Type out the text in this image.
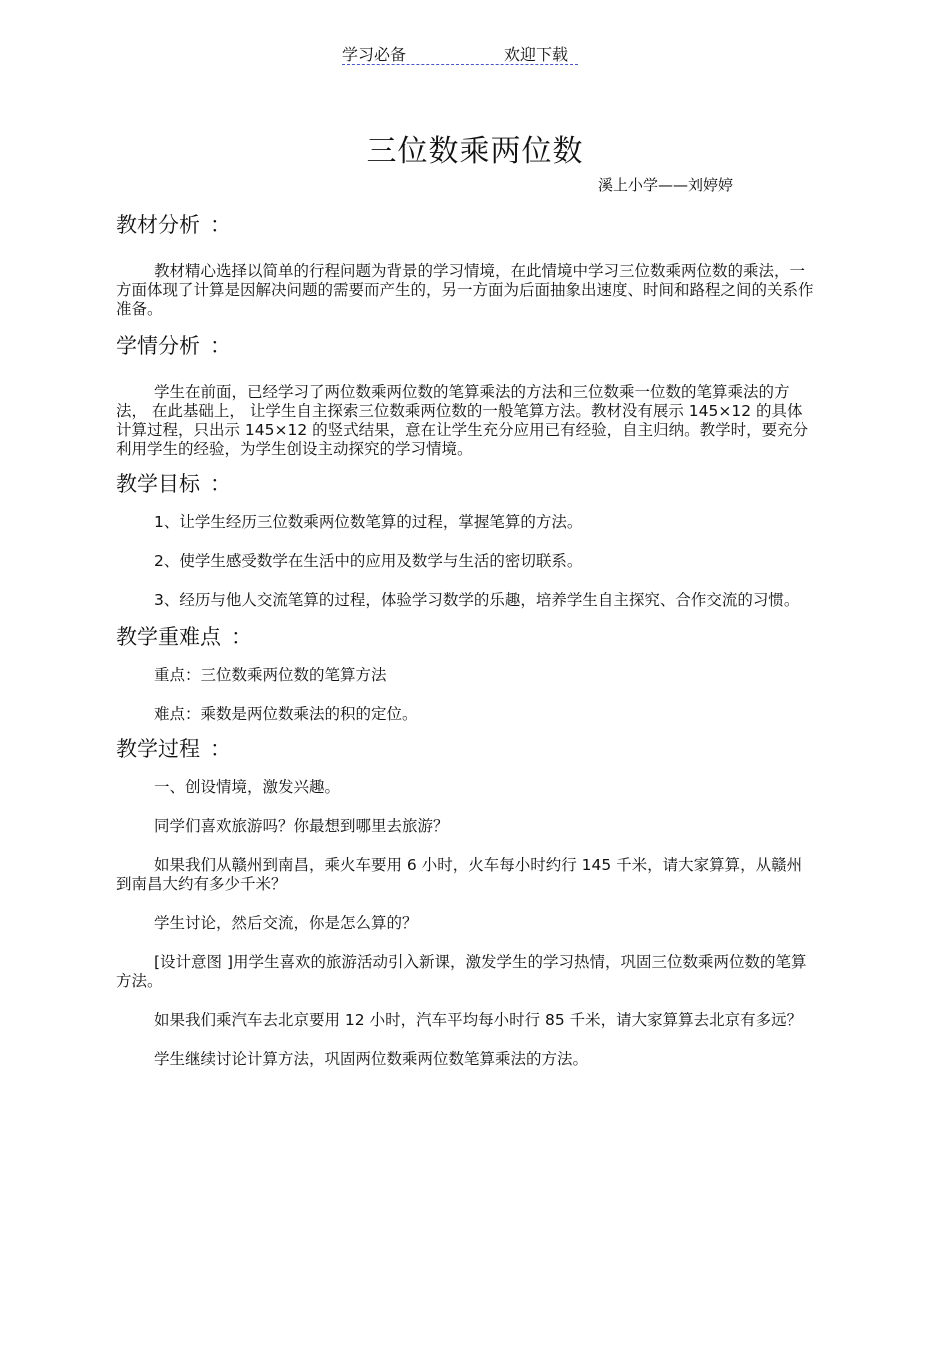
学习必备	欢迎下载
三位数乘两位数
溪上小学——刘婷婷
教材分析 ：

教材精心选择以简单的行程问题为背景的学习情境，在此情境中学习三位数乘两位数的乘法，一方面体现了计算是因解决问题的需要而产生的，另一方面为后面抽象出速度、时间和路程之间的关系作准备。

学情分析 ：

学生在前面，已经学习了两位数乘两位数的笔算乘法的方法和三位数乘一位数的笔算乘法的方法， 在此基础上， 让学生自主探索三位数乘两位数的一般笔算方法。教材没有展示 145×12 的具体计算过程，只出示 145×12 的竖式结果，意在让学生充分应用已有经验，自主归纳。教学时，要充分利用学生的经验，为学生创设主动探究的学习情境。

教学目标 ：

1、让学生经历三位数乘两位数笔算的过程，掌握笔算的方法。

2、使学生感受数学在生活中的应用及数学与生活的密切联系。

3、经历与他人交流笔算的过程，体验学习数学的乐趣，培养学生自主探究、合作交流的习惯。

教学重难点 ：

重点：三位数乘两位数的笔算方法

难点：乘数是两位数乘法的积的定位。

教学过程 ：

一、创设情境，激发兴趣。

同学们喜欢旅游吗？你最想到哪里去旅游？

如果我们从赣州到南昌，乘火车要用 6 小时，火车每小时约行 145 千米，请大家算算，从赣州到南昌大约有多少千米？

学生讨论，然后交流，你是怎么算的？

[设计意图 ]用学生喜欢的旅游活动引入新课，激发学生的学习热情，巩固三位数乘两位数的笔算方法。

如果我们乘汽车去北京要用 12 小时，汽车平均每小时行 85 千米，请大家算算去北京有多远？

学生继续讨论计算方法，巩固两位数乘两位数笔算乘法的方法。
